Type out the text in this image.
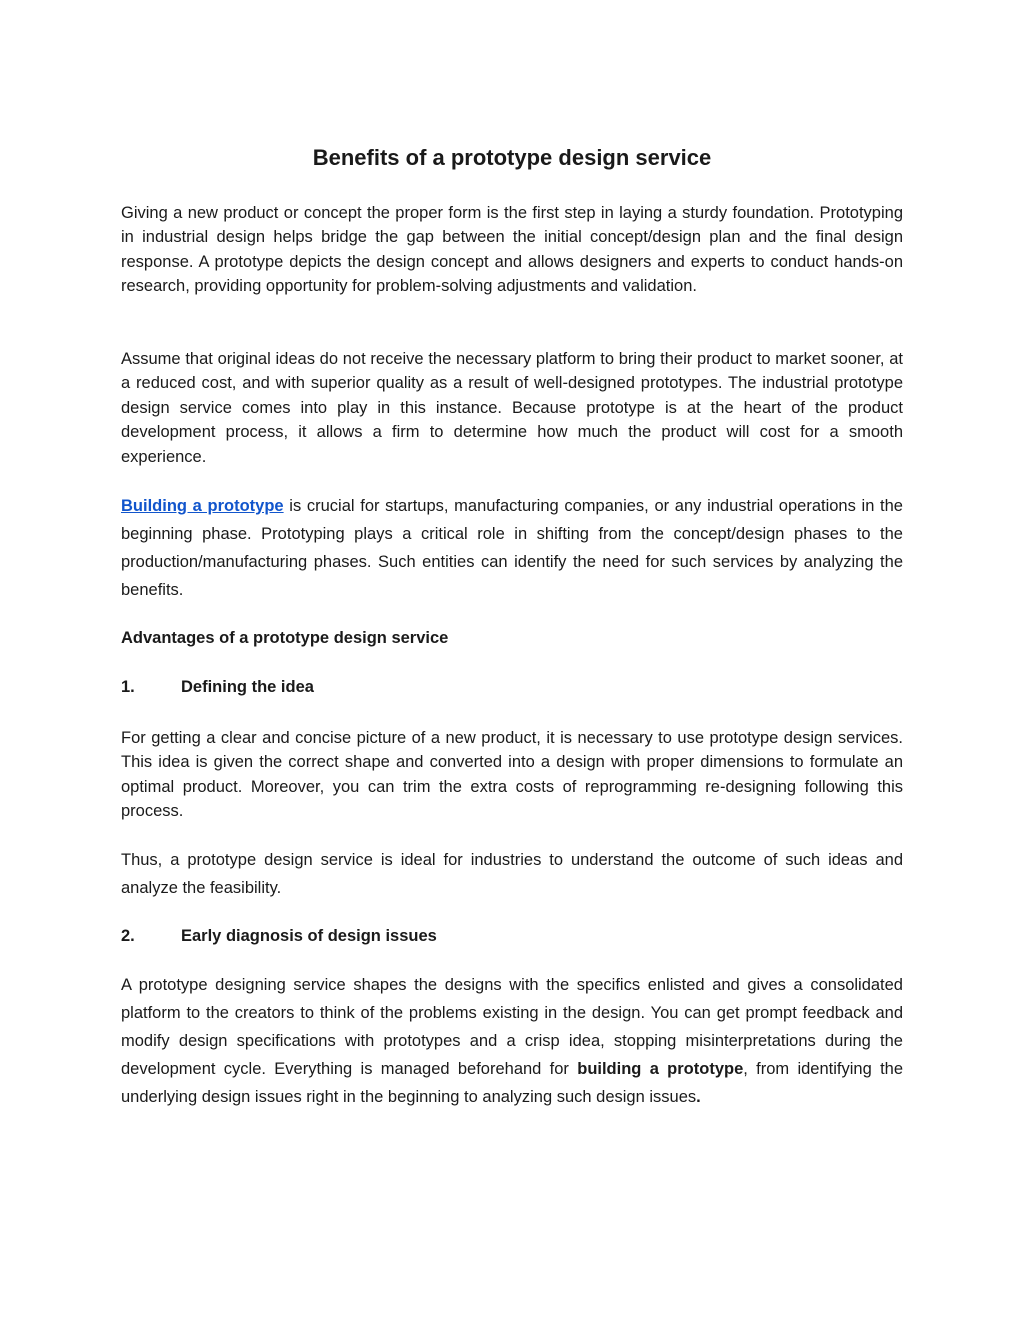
Benefits of a prototype design service

Giving a new product or concept the proper form is the first step in laying a sturdy foundation. Prototyping in industrial design helps bridge the gap between the initial concept/design plan and the final design response. A prototype depicts the design concept and allows designers and experts to conduct hands-on research, providing opportunity for problem-solving adjustments and validation.

Assume that original ideas do not receive the necessary platform to bring their product to market sooner, at a reduced cost, and with superior quality as a result of well-designed prototypes. The industrial prototype design service comes into play in this instance. Because prototype is at the heart of the product development process, it allows a firm to determine how much the product will cost for a smooth experience.

Building a prototype is crucial for startups, manufacturing companies, or any industrial operations in the beginning phase. Prototyping plays a critical role in shifting from the concept/design phases to the production/manufacturing phases. Such entities can identify the need for such services by analyzing the benefits.

Advantages of a prototype design service

1.	Defining the idea

For getting a clear and concise picture of a new product, it is necessary to use prototype design services. This idea is given the correct shape and converted into a design with proper dimensions to formulate an optimal product. Moreover, you can trim the extra costs of reprogramming re-designing following this process.

Thus, a prototype design service is ideal for industries to understand the outcome of such ideas and analyze the feasibility.

2.	Early diagnosis of design issues

A prototype designing service shapes the designs with the specifics enlisted and gives a consolidated platform to the creators to think of the problems existing in the design. You can get prompt feedback and modify design specifications with prototypes and a crisp idea, stopping misinterpretations during the development cycle. Everything is managed beforehand for building a prototype, from identifying the underlying design issues right in the beginning to analyzing such design issues.
